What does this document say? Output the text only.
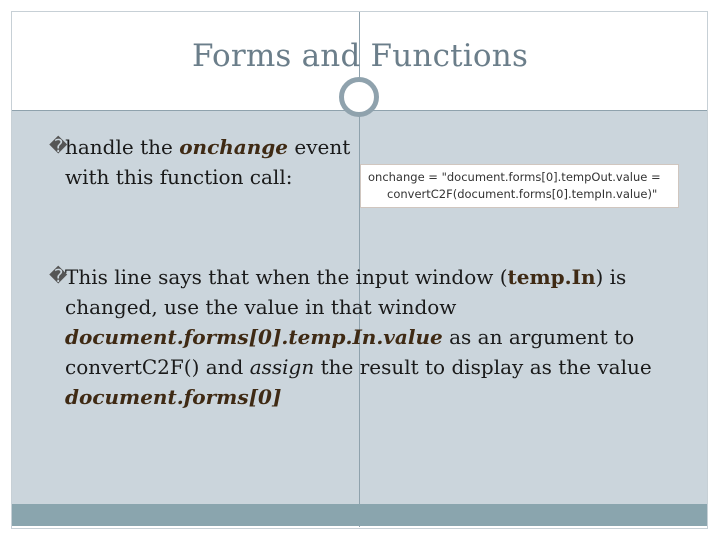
Forms and Functions
�
handle the onchange event with this function call:	onchange = "document.forms[0].tempOut.value =
convertC2F(document.forms[0].tempIn.value)"
�
This line says that when the input window (temp.In) is changed, use the value in that window document.forms[0].temp.In.value as an argument to convertC2F() and assign the result to display as the value document.forms[0]
